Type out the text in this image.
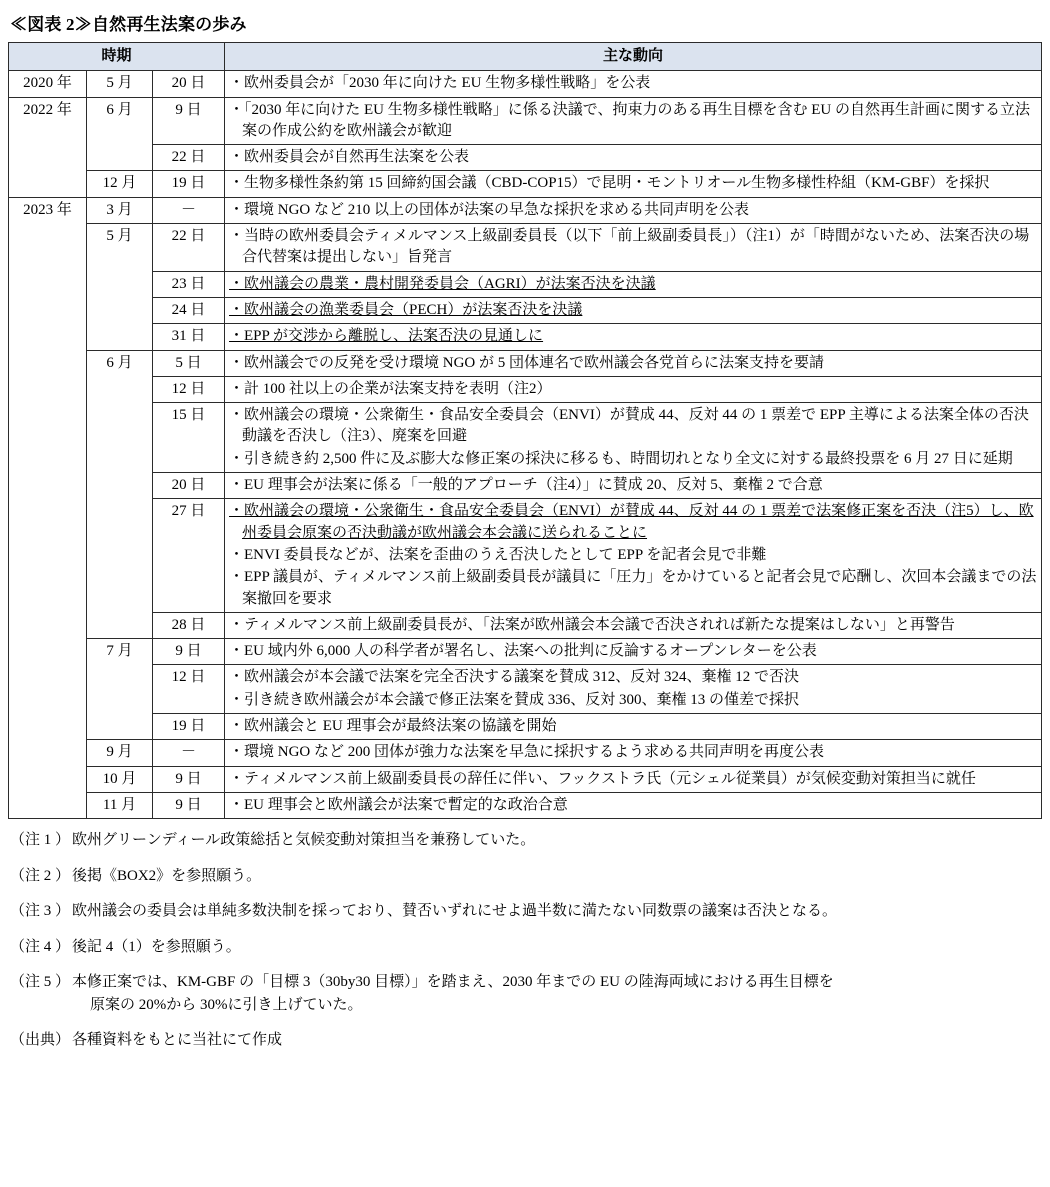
≪図表 2≫自然再生法案の歩み
時期			主な動向
2020 年	5 月	20 日	・欧州委員会が「2030 年に向けた EU 生物多様性戦略」を公表

2022 年	6 月	9 日	・「2030 年に向けた EU 生物多様性戦略」に係る決議で、拘束力のある再生目標を含む EU の自然再生計画に関する立法案の作成公約を欧州議会が歓迎

		22 日	・欧州委員会が自然再生法案を公表

	12 月	19 日	・生物多様性条約第 15 回締約国会議（CBD‐COP15）で昆明・モントリオール生物多様性枠組（KM‐GBF）を採択

2023 年	3 月	－	・環境 NGO など 210 以上の団体が法案の早急な採択を求める共同声明を公表

	5 月	22 日	・当時の欧州委員会ティメルマンス上級副委員長（以下「前上級副委員長」）（注1）が「時間がないため、法案否決の場合代替案は提出しない」旨発言

		23 日	・欧州議会の農業・農村開発委員会（AGRI）が法案否決を決議

		24 日	・欧州議会の漁業委員会（PECH）が法案否決を決議

		31 日	・EPP が交渉から離脱し、法案否決の見通しに

	6 月	5 日	・欧州議会での反発を受け環境 NGO が 5 団体連名で欧州議会各党首らに法案支持を要請

		12 日	・計 100 社以上の企業が法案支持を表明（注2）

		15 日	・欧州議会の環境・公衆衛生・食品安全委員会（ENVI）が賛成 44、反対 44 の 1 票差で EPP 主導による法案全体の否決動議を否決し（注3）、廃案を回避
・引き続き約 2,500 件に及ぶ膨大な修正案の採決に移るも、時間切れとなり全文に対する最終投票を 6 月 27 日に延期

		20 日	・EU 理事会が法案に係る「一般的アプローチ（注4）」に賛成 20、反対 5、棄権 2 で合意

		27 日	・欧州議会の環境・公衆衛生・食品安全委員会（ENVI）が賛成 44、反対 44 の 1 票差で法案修正案を否決（注5）し、欧州委員会原案の否決動議が欧州議会本会議に送られることに
・ENVI 委員長などが、法案を歪曲のうえ否決したとして EPP を記者会見で非難
・EPP 議員が、ティメルマンス前上級副委員長が議員に「圧力」をかけていると記者会見で応酬し、次回本会議までの法案撤回を要求

		28 日	・ティメルマンス前上級副委員長が、「法案が欧州議会本会議で否決されれば新たな提案はしない」と再警告

	7 月	9 日	・EU 域内外 6,000 人の科学者が署名し、法案への批判に反論するオープンレターを公表

		12 日	・欧州議会が本会議で法案を完全否決する議案を賛成 312、反対 324、棄権 12 で否決
・引き続き欧州議会が本会議で修正法案を賛成 336、反対 300、棄権 13 の僅差で採択

		19 日	・欧州議会と EU 理事会が最終法案の協議を開始

	9 月	－	・環境 NGO など 200 団体が強力な法案を早急に採択するよう求める共同声明を再度公表

	10 月	9 日	・ティメルマンス前上級副委員長の辞任に伴い、フックストラ氏（元シェル従業員）が気候変動対策担当に就任

	11 月	9 日	・EU 理事会と欧州議会が法案で暫定的な政治合意
（注 1 ） 欧州グリーンディール政策総括と気候変動対策担当を兼務していた。
（注 2 ） 後掲《BOX2》を参照願う。
（注 3 ） 欧州議会の委員会は単純多数決制を採っており、賛否いずれにせよ過半数に満たない同数票の議案は否決となる。
（注 4 ） 後記 4（1）を参照願う。
（注 5 ） 本修正案では、KM‐GBF の「目標 3（30by30 目標）」を踏まえ、2030 年までの EU の陸海両域における再生目標を
原案の 20%から 30%に引き上げていた。
（出典） 各種資料をもとに当社にて作成
